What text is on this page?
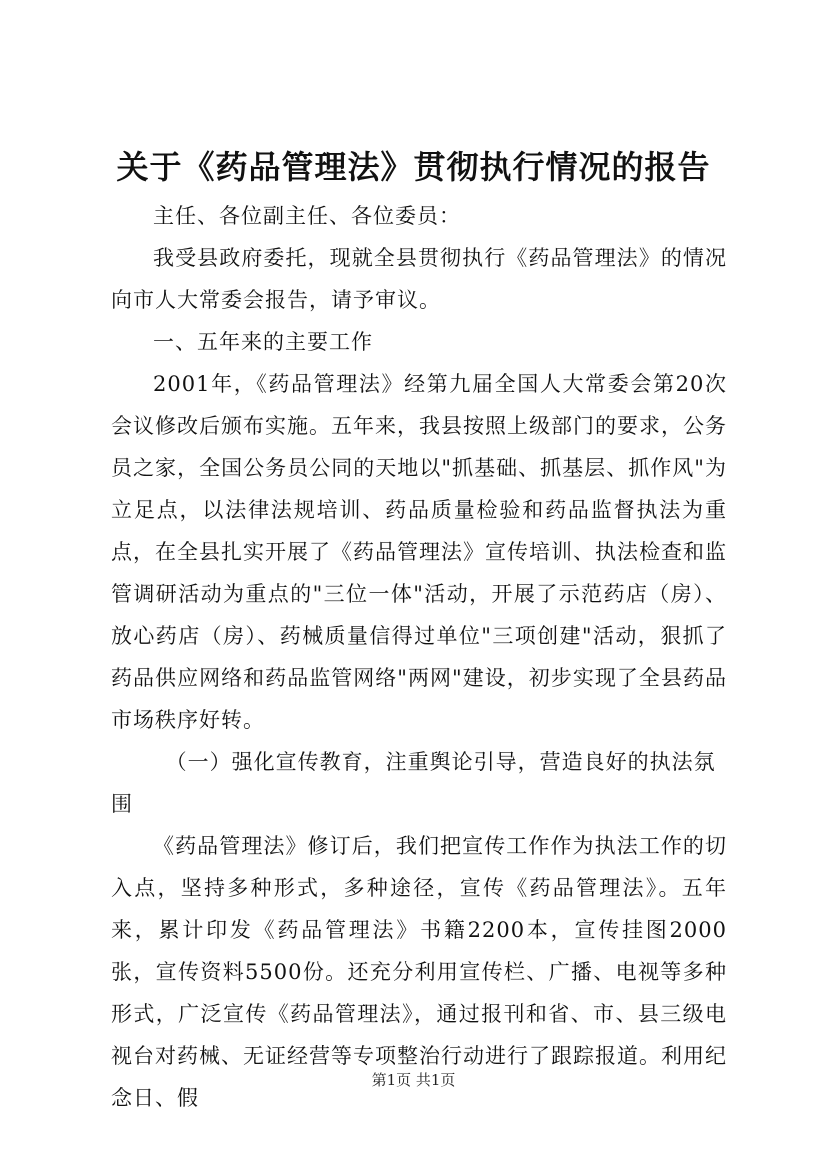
关于《药品管理法》贯彻执行情况的报告

主任、各位副主任、各位委员：

我受县政府委托，现就全县贯彻执行《药品管理法》的情况向市人大常委会报告，请予审议。

一、五年来的主要工作

2001年，《药品管理法》经第九届全国人大常委会第20次会议修改后颁布实施。五年来，我县按照上级部门的要求，公务员之家，全国公务员公同的天地以"抓基础、抓基层、抓作风"为立足点，以法律法规培训、药品质量检验和药品监督执法为重点，在全县扎实开展了《药品管理法》宣传培训、执法检查和监管调研活动为重点的"三位一体"活动，开展了示范药店（房）、放心药店（房）、药械质量信得过单位"三项创建"活动，狠抓了药品供应网络和药品监管网络"两网"建设，初步实现了全县药品市场秩序好转。

（一）强化宣传教育，注重舆论引导，营造良好的执法氛围

《药品管理法》修订后，我们把宣传工作作为执法工作的切入点，坚持多种形式，多种途径，宣传《药品管理法》。五年来，累计印发《药品管理法》书籍2200本，宣传挂图2000张，宣传资料5500份。还充分利用宣传栏、广播、电视等多种形式，广泛宣传《药品管理法》，通过报刊和省、市、县三级电视台对药械、无证经营等专项整治行动进行了跟踪报道。利用纪念日、假

第1页 共1页
